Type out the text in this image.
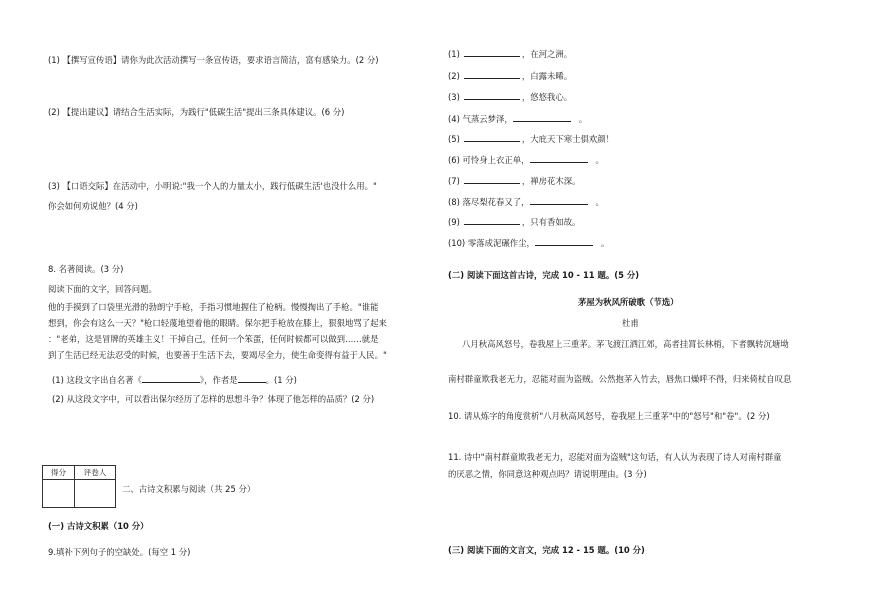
(1) 【撰写宣传语】请你为此次活动撰写一条宣传语，要求语言简洁，富有感染力。(2 分)
(2) 【提出建议】请结合生活实际，为践行"低碳生活"提出三条具体建议。(6 分)
(3) 【口语交际】在活动中，小明说:"我一个人的力量太小，践行低碳生活'也没什么用。"
你会如何劝说他？(4 分)
8. 名著阅读。(3 分)
阅读下面的文字，回答问题。
他的手摸到了口袋里光滑的勃朗宁手枪，手指习惯地握住了枪柄。慢慢掏出了手枪。"谁能
想到，你会有这么一天？"枪口轻蔑地望着他的眼睛。保尔把手枪放在膝上，狠狠地骂了起来
："老弟，这是冒牌的英雄主义！干掉自己，任何一个笨蛋，任何时候都可以做到……就是
到了生活已经无法忍受的时候，也要善于生活下去，要竭尽全力，使生命变得有益于人民。"
(1) 这段文字出自名著《	》，作者是	。(1 分)
(2) 从这段文字中，可以看出保尔经历了怎样的思想斗争？体现了他怎样的品质？(2 分)
得分	评卷人

二、古诗文积累与阅读（共 25 分）
(一) 古诗文积累（10 分）
9.填补下列句子的空缺处。(每空 1 分)
(1)	，在河之洲。
(2)	，白露未晞。
(3)	，悠悠我心。
(4) 气蒸云梦泽，	。
(5)	，大庇天下寒士俱欢颜！
(6) 可怜身上衣正单，	。
(7)	，禅房花木深。
(8) 落尽梨花春又了，	。
(9)	，只有香如故。
(10) 零落成泥碾作尘，	。
(二) 阅读下面这首古诗，完成 10 - 11 题。(5 分)
茅屋为秋风所破歌（节选）
杜甫
八月秋高风怒号，卷我屋上三重茅。茅飞渡江洒江郊，高者挂罥长林梢，下者飘转沉塘坳
南村群童欺我老无力，忍能对面为盗贼。公然抱茅入竹去，唇焦口燥呼不得，归来倚杖自叹息
10. 请从炼字的角度赏析"八月秋高风怒号，卷我屋上三重茅"中的"怒号"和"卷"。(2 分)
11. 诗中"南村群童欺我老无力，忍能对面为盗贼"这句话，有人认为表现了诗人对南村群童
的厌恶之情，你同意这种观点吗？请说明理由。(3 分)
(三) 阅读下面的文言文，完成 12 - 15 题。(10 分)
